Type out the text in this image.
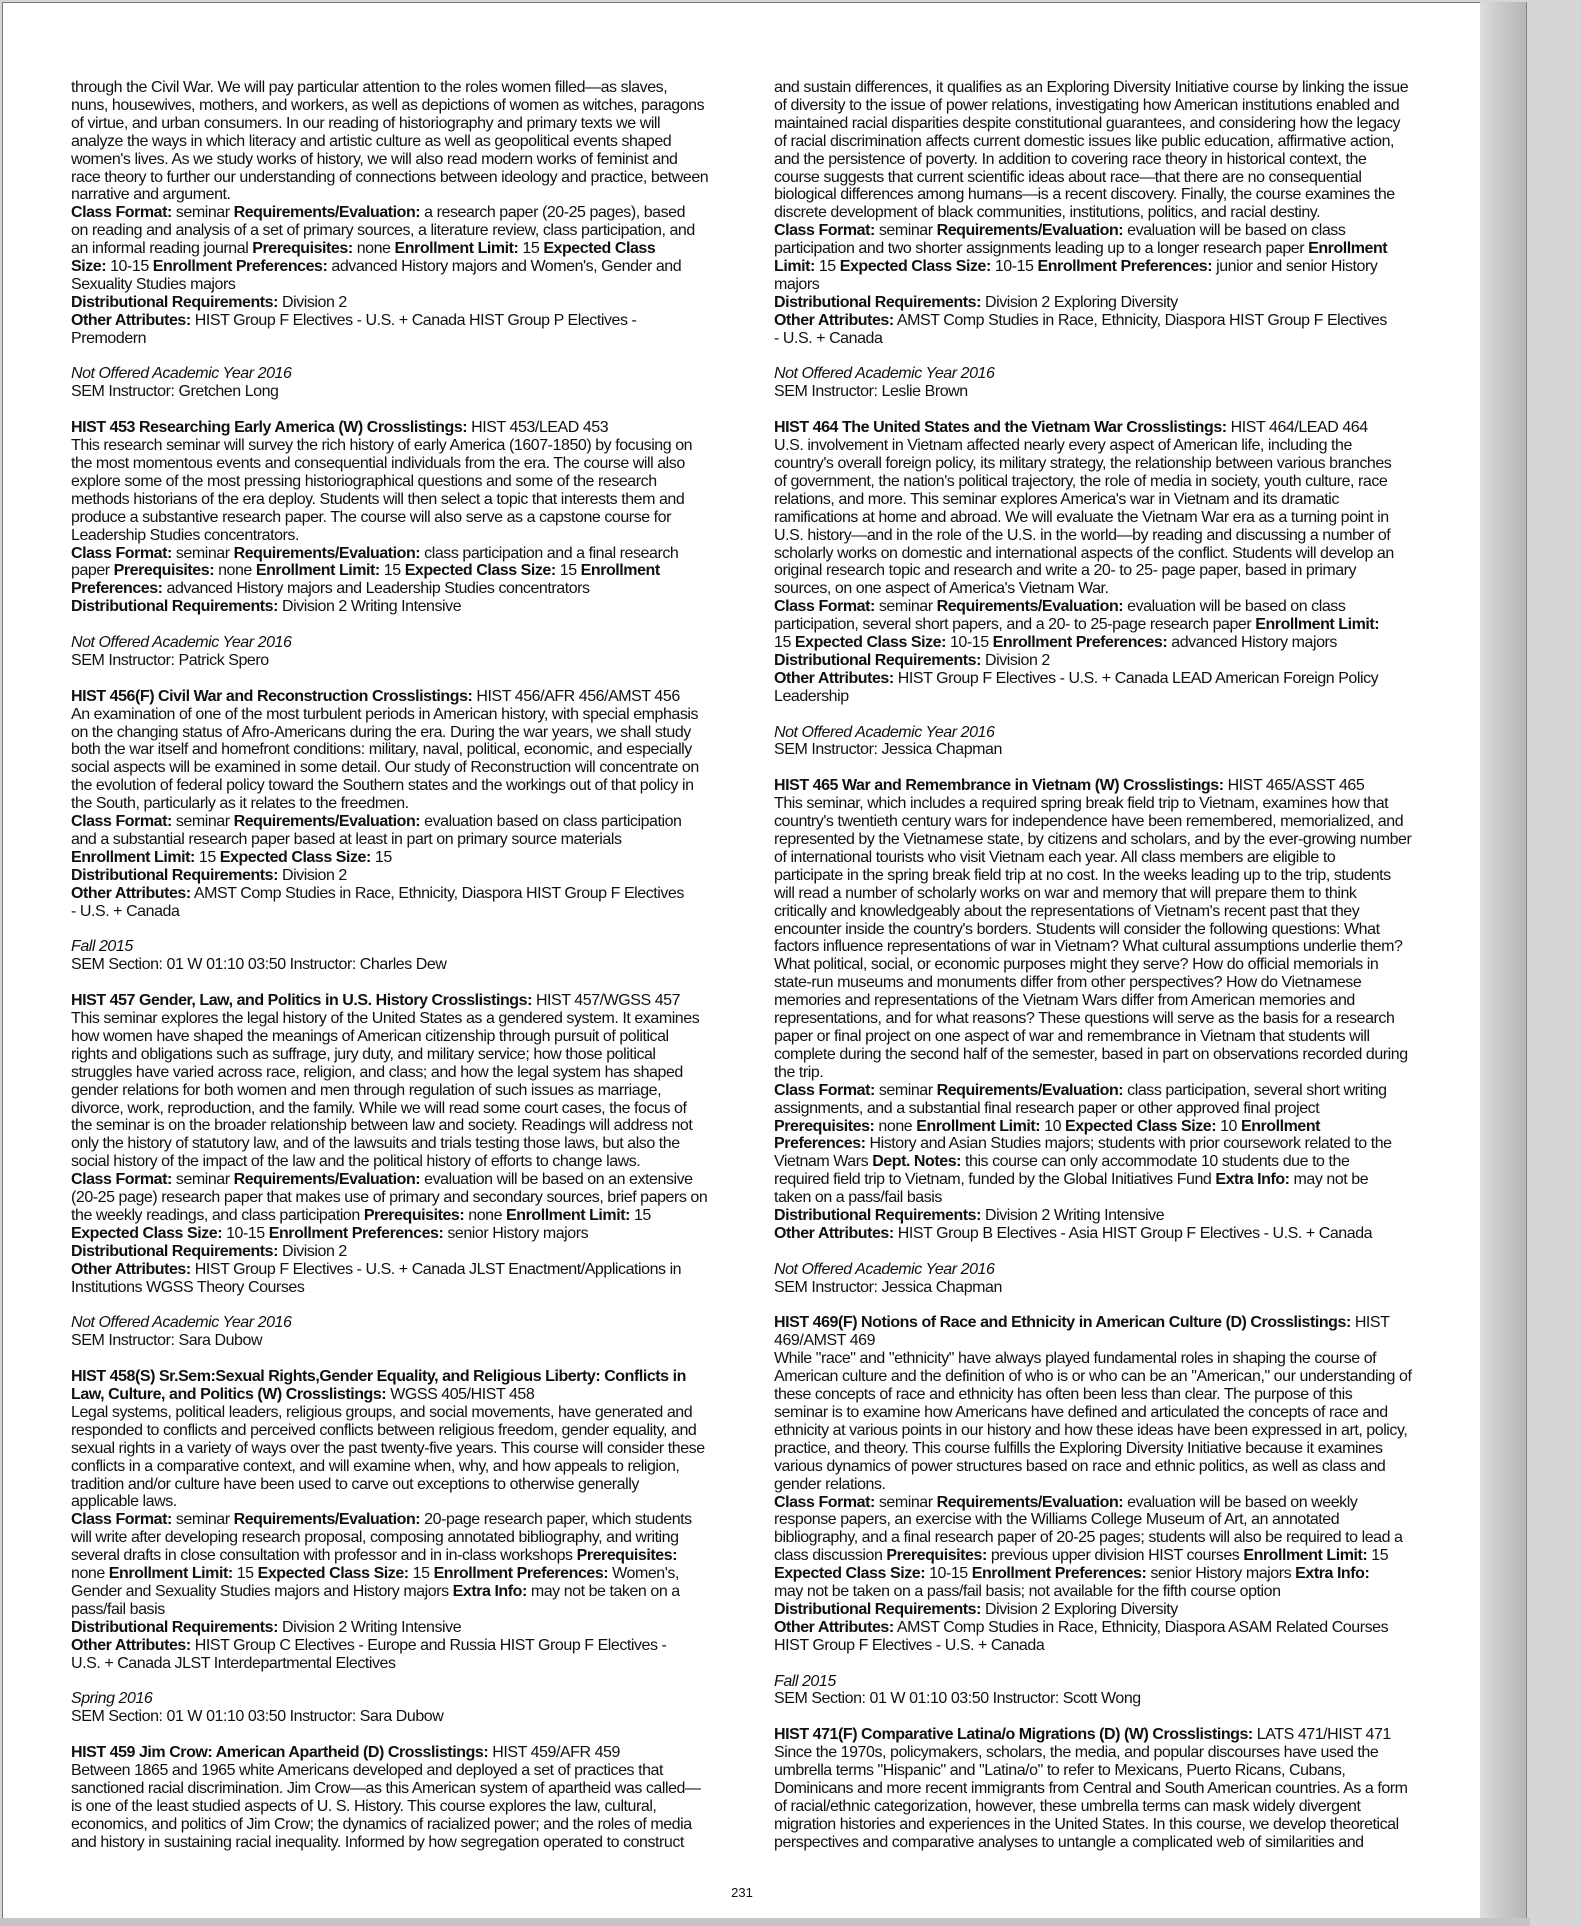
through the Civil War. We will pay particular attention to the roles women filled—as slaves,
nuns, housewives, mothers, and workers, as well as depictions of women as witches, paragons
of virtue, and urban consumers. In our reading of historiography and primary texts we will
analyze the ways in which literacy and artistic culture as well as geopolitical events shaped
women's lives. As we study works of history, we will also read modern works of feminist and
race theory to further our understanding of connections between ideology and practice, between
narrative and argument.
Class Format: seminar Requirements/Evaluation: a research paper (20-25 pages), based
on reading and analysis of a set of primary sources, a literature review, class participation, and
an informal reading journal Prerequisites: none Enrollment Limit: 15 Expected Class
Size: 10-15 Enrollment Preferences: advanced History majors and Women's, Gender and
Sexuality Studies majors
Distributional Requirements: Division 2
Other Attributes: HIST Group F Electives - U.S. + Canada HIST Group P Electives -
Premodern
Not Offered Academic Year 2016
SEM Instructor: Gretchen Long
HIST 453 Researching Early America (W) Crosslistings: HIST 453/LEAD 453
This research seminar will survey the rich history of early America (1607-1850) by focusing on
the most momentous events and consequential individuals from the era. The course will also
explore some of the most pressing historiographical questions and some of the research
methods historians of the era deploy. Students will then select a topic that interests them and
produce a substantive research paper. The course will also serve as a capstone course for
Leadership Studies concentrators.
Class Format: seminar Requirements/Evaluation: class participation and a final research
paper Prerequisites: none Enrollment Limit: 15 Expected Class Size: 15 Enrollment
Preferences: advanced History majors and Leadership Studies concentrators
Distributional Requirements: Division 2 Writing Intensive
Not Offered Academic Year 2016
SEM Instructor: Patrick Spero
HIST 456(F) Civil War and Reconstruction Crosslistings: HIST 456/AFR 456/AMST 456
An examination of one of the most turbulent periods in American history, with special emphasis
on the changing status of Afro-Americans during the era. During the war years, we shall study
both the war itself and homefront conditions: military, naval, political, economic, and especially
social aspects will be examined in some detail. Our study of Reconstruction will concentrate on
the evolution of federal policy toward the Southern states and the workings out of that policy in
the South, particularly as it relates to the freedmen.
Class Format: seminar Requirements/Evaluation: evaluation based on class participation
and a substantial research paper based at least in part on primary source materials
Enrollment Limit: 15 Expected Class Size: 15
Distributional Requirements: Division 2
Other Attributes: AMST Comp Studies in Race, Ethnicity, Diaspora HIST Group F Electives
- U.S. + Canada
Fall 2015
SEM Section: 01 W 01:10 03:50 Instructor: Charles Dew
HIST 457 Gender, Law, and Politics in U.S. History Crosslistings: HIST 457/WGSS 457
This seminar explores the legal history of the United States as a gendered system. It examines
how women have shaped the meanings of American citizenship through pursuit of political
rights and obligations such as suffrage, jury duty, and military service; how those political
struggles have varied across race, religion, and class; and how the legal system has shaped
gender relations for both women and men through regulation of such issues as marriage,
divorce, work, reproduction, and the family. While we will read some court cases, the focus of
the seminar is on the broader relationship between law and society. Readings will address not
only the history of statutory law, and of the lawsuits and trials testing those laws, but also the
social history of the impact of the law and the political history of efforts to change laws.
Class Format: seminar Requirements/Evaluation: evaluation will be based on an extensive
(20-25 page) research paper that makes use of primary and secondary sources, brief papers on
the weekly readings, and class participation Prerequisites: none Enrollment Limit: 15
Expected Class Size: 10-15 Enrollment Preferences: senior History majors
Distributional Requirements: Division 2
Other Attributes: HIST Group F Electives - U.S. + Canada JLST Enactment/Applications in
Institutions WGSS Theory Courses
Not Offered Academic Year 2016
SEM Instructor: Sara Dubow
HIST 458(S) Sr.Sem:Sexual Rights,Gender Equality, and Religious Liberty: Conflicts in
Law, Culture, and Politics (W) Crosslistings: WGSS 405/HIST 458
Legal systems, political leaders, religious groups, and social movements, have generated and
responded to conflicts and perceived conflicts between religious freedom, gender equality, and
sexual rights in a variety of ways over the past twenty-five years. This course will consider these
conflicts in a comparative context, and will examine when, why, and how appeals to religion,
tradition and/or culture have been used to carve out exceptions to otherwise generally
applicable laws.
Class Format: seminar Requirements/Evaluation: 20-page research paper, which students
will write after developing research proposal, composing annotated bibliography, and writing
several drafts in close consultation with professor and in in-class workshops Prerequisites:
none Enrollment Limit: 15 Expected Class Size: 15 Enrollment Preferences: Women's,
Gender and Sexuality Studies majors and History majors Extra Info: may not be taken on a
pass/fail basis
Distributional Requirements: Division 2 Writing Intensive
Other Attributes: HIST Group C Electives - Europe and Russia HIST Group F Electives -
U.S. + Canada JLST Interdepartmental Electives
Spring 2016
SEM Section: 01 W 01:10 03:50 Instructor: Sara Dubow
HIST 459 Jim Crow: American Apartheid (D) Crosslistings: HIST 459/AFR 459
Between 1865 and 1965 white Americans developed and deployed a set of practices that
sanctioned racial discrimination. Jim Crow—as this American system of apartheid was called—
is one of the least studied aspects of U. S. History. This course explores the law, cultural,
economics, and politics of Jim Crow; the dynamics of racialized power; and the roles of media
and history in sustaining racial inequality. Informed by how segregation operated to construct
and sustain differences, it qualifies as an Exploring Diversity Initiative course by linking the issue
of diversity to the issue of power relations, investigating how American institutions enabled and
maintained racial disparities despite constitutional guarantees, and considering how the legacy
of racial discrimination affects current domestic issues like public education, affirmative action,
and the persistence of poverty. In addition to covering race theory in historical context, the
course suggests that current scientific ideas about race—that there are no consequential
biological differences among humans—is a recent discovery. Finally, the course examines the
discrete development of black communities, institutions, politics, and racial destiny.
Class Format: seminar Requirements/Evaluation: evaluation will be based on class
participation and two shorter assignments leading up to a longer research paper Enrollment
Limit: 15 Expected Class Size: 10-15 Enrollment Preferences: junior and senior History
majors
Distributional Requirements: Division 2 Exploring Diversity
Other Attributes: AMST Comp Studies in Race, Ethnicity, Diaspora HIST Group F Electives
- U.S. + Canada
Not Offered Academic Year 2016
SEM Instructor: Leslie Brown
HIST 464 The United States and the Vietnam War Crosslistings: HIST 464/LEAD 464
U.S. involvement in Vietnam affected nearly every aspect of American life, including the
country's overall foreign policy, its military strategy, the relationship between various branches
of government, the nation's political trajectory, the role of media in society, youth culture, race
relations, and more. This seminar explores America's war in Vietnam and its dramatic
ramifications at home and abroad. We will evaluate the Vietnam War era as a turning point in
U.S. history—and in the role of the U.S. in the world—by reading and discussing a number of
scholarly works on domestic and international aspects of the conflict. Students will develop an
original research topic and research and write a 20- to 25- page paper, based in primary
sources, on one aspect of America's Vietnam War.
Class Format: seminar Requirements/Evaluation: evaluation will be based on class
participation, several short papers, and a 20- to 25-page research paper Enrollment Limit:
15 Expected Class Size: 10-15 Enrollment Preferences: advanced History majors
Distributional Requirements: Division 2
Other Attributes: HIST Group F Electives - U.S. + Canada LEAD American Foreign Policy
Leadership
Not Offered Academic Year 2016
SEM Instructor: Jessica Chapman
HIST 465 War and Remembrance in Vietnam (W) Crosslistings: HIST 465/ASST 465
This seminar, which includes a required spring break field trip to Vietnam, examines how that
country's twentieth century wars for independence have been remembered, memorialized, and
represented by the Vietnamese state, by citizens and scholars, and by the ever-growing number
of international tourists who visit Vietnam each year. All class members are eligible to
participate in the spring break field trip at no cost. In the weeks leading up to the trip, students
will read a number of scholarly works on war and memory that will prepare them to think
critically and knowledgeably about the representations of Vietnam's recent past that they
encounter inside the country's borders. Students will consider the following questions: What
factors influence representations of war in Vietnam? What cultural assumptions underlie them?
What political, social, or economic purposes might they serve? How do official memorials in
state-run museums and monuments differ from other perspectives? How do Vietnamese
memories and representations of the Vietnam Wars differ from American memories and
representations, and for what reasons? These questions will serve as the basis for a research
paper or final project on one aspect of war and remembrance in Vietnam that students will
complete during the second half of the semester, based in part on observations recorded during
the trip.
Class Format: seminar Requirements/Evaluation: class participation, several short writing
assignments, and a substantial final research paper or other approved final project
Prerequisites: none Enrollment Limit: 10 Expected Class Size: 10 Enrollment
Preferences: History and Asian Studies majors; students with prior coursework related to the
Vietnam Wars Dept. Notes: this course can only accommodate 10 students due to the
required field trip to Vietnam, funded by the Global Initiatives Fund Extra Info: may not be
taken on a pass/fail basis
Distributional Requirements: Division 2 Writing Intensive
Other Attributes: HIST Group B Electives - Asia HIST Group F Electives - U.S. + Canada
Not Offered Academic Year 2016
SEM Instructor: Jessica Chapman
HIST 469(F) Notions of Race and Ethnicity in American Culture (D) Crosslistings: HIST
469/AMST 469
While "race" and "ethnicity" have always played fundamental roles in shaping the course of
American culture and the definition of who is or who can be an "American," our understanding of
these concepts of race and ethnicity has often been less than clear. The purpose of this
seminar is to examine how Americans have defined and articulated the concepts of race and
ethnicity at various points in our history and how these ideas have been expressed in art, policy,
practice, and theory. This course fulfills the Exploring Diversity Initiative because it examines
various dynamics of power structures based on race and ethnic politics, as well as class and
gender relations.
Class Format: seminar Requirements/Evaluation: evaluation will be based on weekly
response papers, an exercise with the Williams College Museum of Art, an annotated
bibliography, and a final research paper of 20-25 pages; students will also be required to lead a
class discussion Prerequisites: previous upper division HIST courses Enrollment Limit: 15
Expected Class Size: 10-15 Enrollment Preferences: senior History majors Extra Info:
may not be taken on a pass/fail basis; not available for the fifth course option
Distributional Requirements: Division 2 Exploring Diversity
Other Attributes: AMST Comp Studies in Race, Ethnicity, Diaspora ASAM Related Courses
HIST Group F Electives - U.S. + Canada
Fall 2015
SEM Section: 01 W 01:10 03:50 Instructor: Scott Wong
HIST 471(F) Comparative Latina/o Migrations (D) (W) Crosslistings: LATS 471/HIST 471
Since the 1970s, policymakers, scholars, the media, and popular discourses have used the
umbrella terms "Hispanic" and "Latina/o" to refer to Mexicans, Puerto Ricans, Cubans,
Dominicans and more recent immigrants from Central and South American countries. As a form
of racial/ethnic categorization, however, these umbrella terms can mask widely divergent
migration histories and experiences in the United States. In this course, we develop theoretical
perspectives and comparative analyses to untangle a complicated web of similarities and
231
